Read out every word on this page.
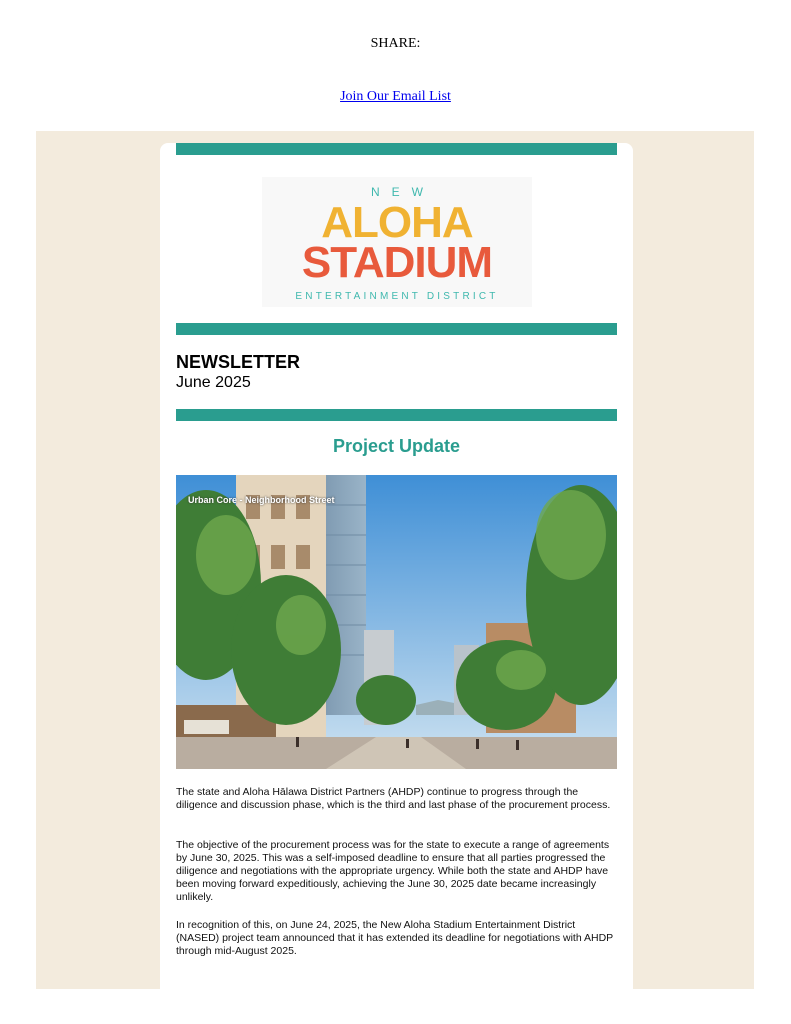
SHARE:
Join Our Email List
NEW
ALOHA
STADIUM
ENTERTAINMENT DISTRICT
NEWSLETTER
June 2025
Project Update
Urban Core - Neighborhood Street
The state and Aloha Hālawa District Partners (AHDP) continue to progress through the diligence and discussion phase, which is the third and last phase of the procurement process.
The objective of the procurement process was for the state to execute a range of agreements by June 30, 2025. This was a self-imposed deadline to ensure that all parties progressed the diligence and negotiations with the appropriate urgency. While both the state and AHDP have been moving forward expeditiously, achieving the June 30, 2025 date became increasingly unlikely.
In recognition of this, on June 24, 2025, the New Aloha Stadium Entertainment District (NASED) project team announced that it has extended its deadline for negotiations with AHDP through mid-August 2025.
